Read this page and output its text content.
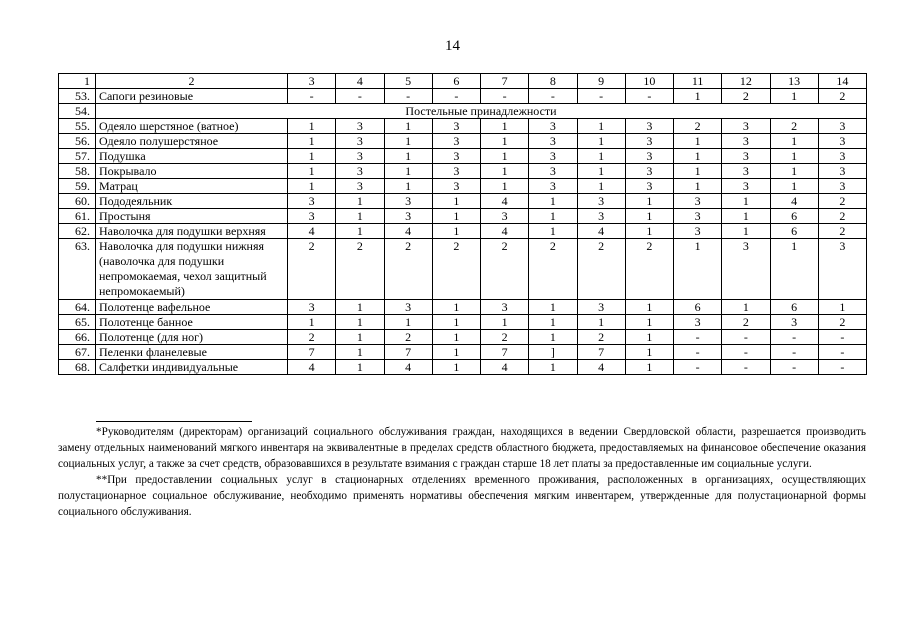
14
1	2	3	4	5	6	7	8	9	10	11	12	13	14
53.	Сапоги резиновые	-	-	-	-	-	-	-	-	1	2	1	2
54.	Постельные принадлежности												
55.	Одеяло шерстяное (ватное)	1	3	1	3	1	3	1	3	2	3	2	3
56.	Одеяло полушерстяное	1	3	1	3	1	3	1	3	1	3	1	3
57.	Подушка	1	3	1	3	1	3	1	3	1	3	1	3
58.	Покрывало	1	3	1	3	1	3	1	3	1	3	1	3
59.	Матрац	1	3	1	3	1	3	1	3	1	3	1	3
60.	Пододеяльник	3	1	3	1	4	1	3	1	3	1	4	2
61.	Простыня	3	1	3	1	3	1	3	1	3	1	6	2
62.	Наволочка для подушки верхняя	4	1	4	1	4	1	4	1	3	1	6	2
63.	Наволочка для подушки нижняя (наволочка для подушки непромокаемая, чехол защитный непромокаемый)	2	2	2	2	2	2	2	2	1	3	1	3
64.	Полотенце вафельное	3	1	3	1	3	1	3	1	6	1	6	1
65.	Полотенце банное	1	1	1	1	1	1	1	1	3	2	3	2
66.	Полотенце (для ног)	2	1	2	1	2	1	2	1	-	-	-	-
67.	Пеленки фланелевые	7	1	7	1	7	]	7	1	-	-	-	-
68.	Салфетки индивидуальные	4	1	4	1	4	1	4	1	-	-	-	-

*Руководителям (директорам) организаций социального обслуживания граждан, находящихся в ведении Свердловской области, разрешается производить замену отдельных наименований мягкого инвентаря на эквивалентные в пределах средств областного бюджета, предоставляемых на финансовое обеспечение оказания социальных услуг, а также за счет средств, образовавшихся в результате взимания с граждан старше 18 лет платы за предоставленные им социальные услуги.

**При предоставлении социальных услуг в стационарных отделениях временного проживания, расположенных в организациях, осуществляющих полустационарное социальное обслуживание, необходимо применять нормативы обеспечения мягким инвентарем, утвержденные для полустационарной формы социального обслуживания.
